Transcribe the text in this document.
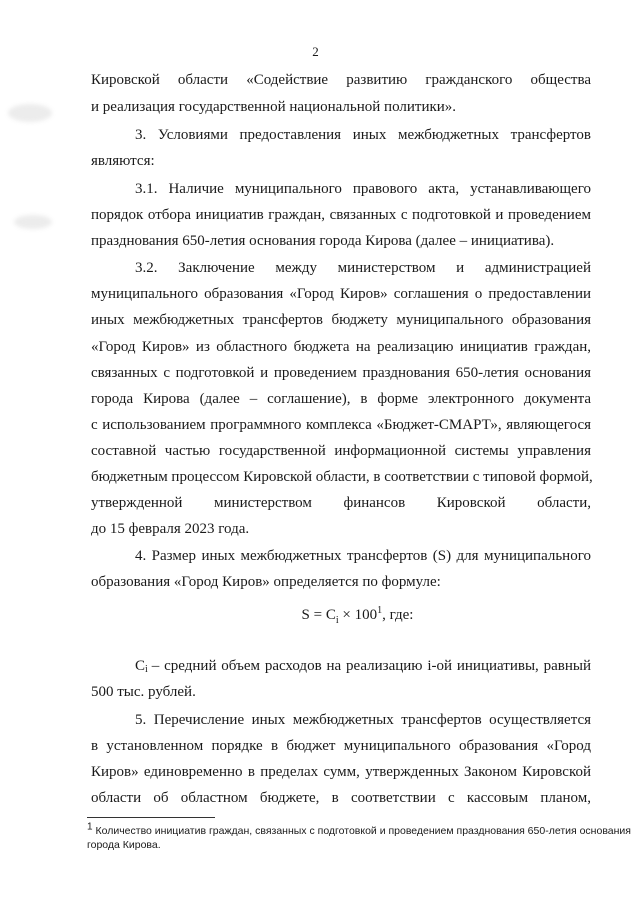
2
Кировской области «Содействие развитию гражданского общества
и реализация государственной национальной политики».
3. Условиями предоставления иных межбюджетных трансфертов
являются:
3.1. Наличие муниципального правового акта, устанавливающего
порядок отбора инициатив граждан, связанных с подготовкой и проведением
празднования 650-летия основания города Кирова (далее – инициатива).
3.2. Заключение между министерством и администрацией
муниципального образования «Город Киров» соглашения о предоставлении
иных межбюджетных трансфертов бюджету муниципального образования
«Город Киров» из областного бюджета на реализацию инициатив граждан,
связанных с подготовкой и проведением празднования 650-летия основания
города Кирова (далее – соглашение), в форме электронного документа
с использованием программного комплекса «Бюджет-СМАРТ», являющегося
составной частью государственной информационной системы управления
бюджетным процессом Кировской области, в соответствии с типовой формой,
утвержденной министерством финансов Кировской области,
до 15 февраля 2023 года.
4. Размер иных межбюджетных трансфертов (S) для муниципального
образования «Город Киров» определяется по формуле:
$S = C_i \times 100^1$, где:
C i – средний объем расходов на реализацию i-ой инициативы, равный
500 тыс. рублей.
5. Перечисление иных межбюджетных трансфертов осуществляется
в установленном порядке в бюджет муниципального образования «Город
Киров» единовременно в пределах сумм, утвержденных Законом Кировской
области об областном бюджете, в соответствии с кассовым планом,
$^1$ Количество инициатив граждан, связанных с подготовкой и проведением празднования 650-летия основания
города Кирова.
